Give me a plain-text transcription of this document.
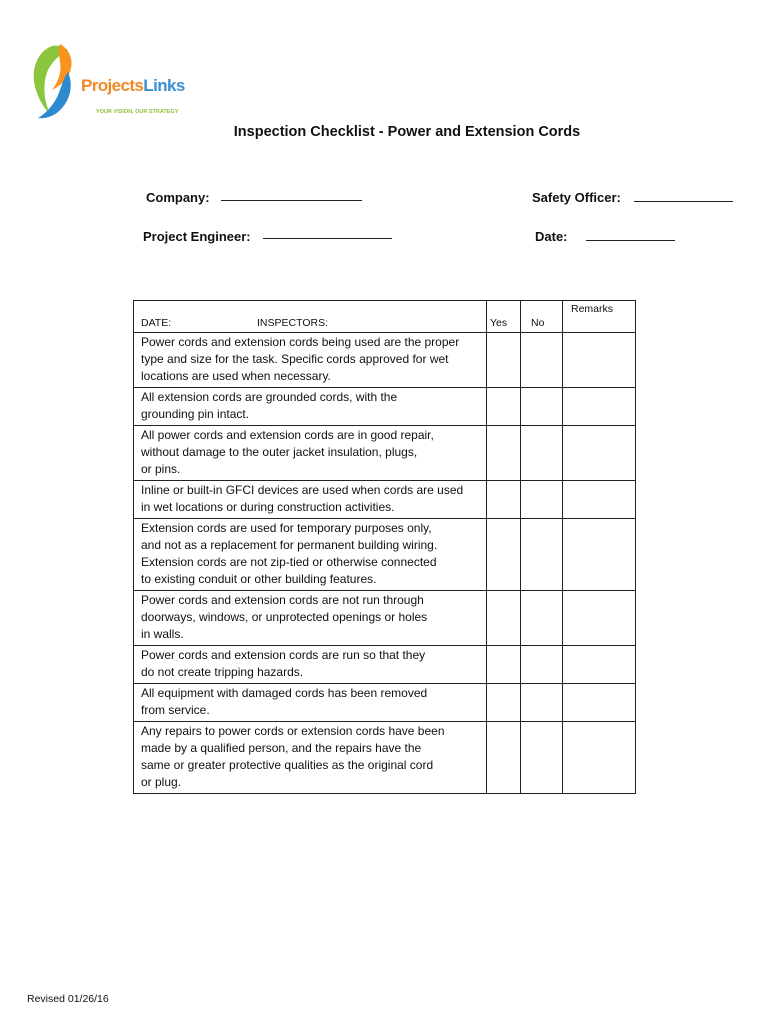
ProjectsLinks
YOUR VISION, OUR STRATEGY
Inspection Checklist - Power and Extension Cords
Company:	Safety Officer:
Project Engineer:	Date:
DATE: INSPECTORS:	Yes	No	Remarks

Power cords and extension cords being used are the proper
type and size for the task. Specific cords approved for wet
locations are used when necessary.			

All extension cords are grounded cords, with the
grounding pin intact.			

All power cords and extension cords are in good repair,
without damage to the outer jacket insulation, plugs,
or pins.			

Inline or built-in GFCI devices are used when cords are used
in wet locations or during construction activities.			

Extension cords are used for temporary purposes only,
and not as a replacement for permanent building wiring.
Extension cords are not zip-tied or otherwise connected
to existing conduit or other building features.			

Power cords and extension cords are not run through
doorways, windows, or unprotected openings or holes
in walls.			

Power cords and extension cords are run so that they
do not create tripping hazards.			

All equipment with damaged cords has been removed
from service.			

Any repairs to power cords or extension cords have been
made by a qualified person, and the repairs have the
same or greater protective qualities as the original cord
or plug.			

Revised 01/26/16
